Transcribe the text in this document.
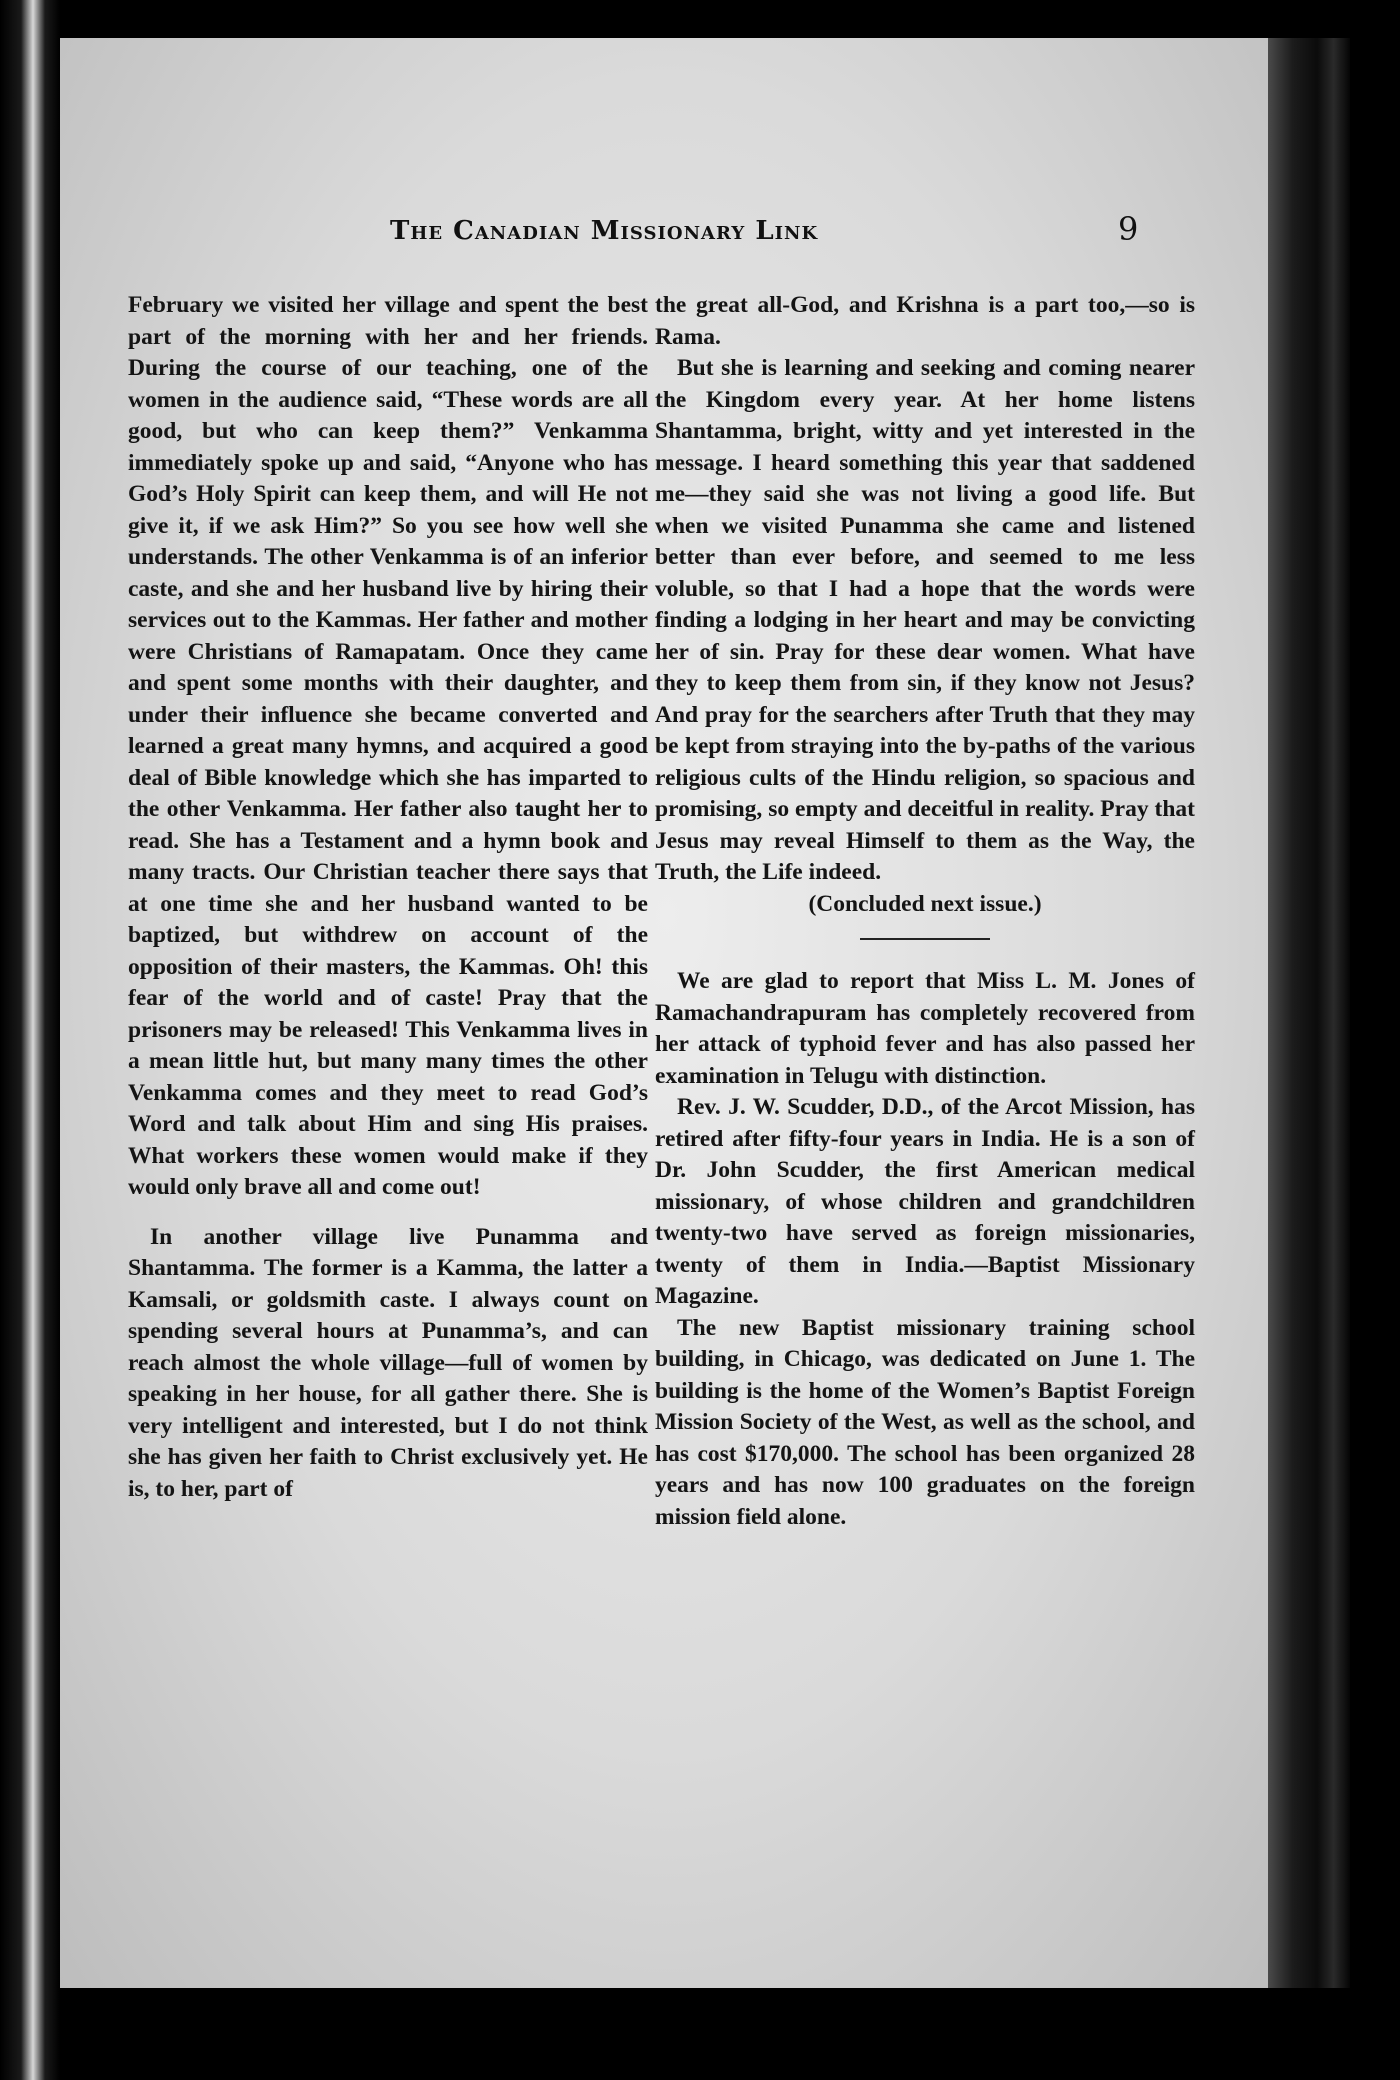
The Canadian Missionary Link	9

February we visited her village and spent the best part of the morning with her and her friends. During the course of our teaching, one of the women in the audience said, “These words are all good, but who can keep them?” Venkamma immediately spoke up and said, “Anyone who has God’s Holy Spirit can keep them, and will He not give it, if we ask Him?” So you see how well she understands. The other Venkamma is of an inferior caste, and she and her husband live by hiring their services out to the Kammas. Her father and mother were Christians of Ramapatam. Once they came and spent some months with their daughter, and under their influence she became converted and learned a great many hymns, and acquired a good deal of Bible knowledge which she has imparted to the other Venkamma. Her father also taught her to read. She has a Testament and a hymn book and many tracts. Our Christian teacher there says that at one time she and her husband wanted to be baptized, but withdrew on account of the opposition of their masters, the Kammas. Oh! this fear of the world and of caste! Pray that the prisoners may be released! This Venkamma lives in a mean little hut, but many many times the other Venkamma comes and they meet to read God’s Word and talk about Him and sing His praises. What workers these women would make if they would only brave all and come out!

In another village live Punamma and Shantamma. The former is a Kamma, the latter a Kamsali, or goldsmith caste. I always count on spending several hours at Punamma’s, and can reach almost the whole village—full of women by speaking in her house, for all gather there. She is very intelligent and interested, but I do not think she has given her faith to Christ exclusively yet. He is, to her, part of

the great all-God, and Krishna is a part too,—so is Rama.

But she is learning and seeking and coming nearer the Kingdom every year. At her home listens Shantamma, bright, witty and yet interested in the message. I heard something this year that saddened me—they said she was not living a good life. But when we visited Punamma she came and listened better than ever before, and seemed to me less voluble, so that I had a hope that the words were finding a lodging in her heart and may be convicting her of sin. Pray for these dear women. What have they to keep them from sin, if they know not Jesus? And pray for the searchers after Truth that they may be kept from straying into the by-paths of the various religious cults of the Hindu religion, so spacious and promising, so empty and deceitful in reality. Pray that Jesus may reveal Himself to them as the Way, the Truth, the Life indeed.

(Concluded next issue.)

We are glad to report that Miss L. M. Jones of Ramachandrapuram has completely recovered from her attack of typhoid fever and has also passed her examination in Telugu with distinction.

Rev. J. W. Scudder, D.D., of the Arcot Mission, has retired after fifty-four years in India. He is a son of Dr. John Scudder, the first American medical missionary, of whose children and grandchildren twenty-two have served as foreign missionaries, twenty of them in India.—Baptist Missionary Magazine.

The new Baptist missionary training school building, in Chicago, was dedicated on June 1. The building is the home of the Women’s Baptist Foreign Mission Society of the West, as well as the school, and has cost $170,000. The school has been organized 28 years and has now 100 graduates on the foreign mission field alone.
